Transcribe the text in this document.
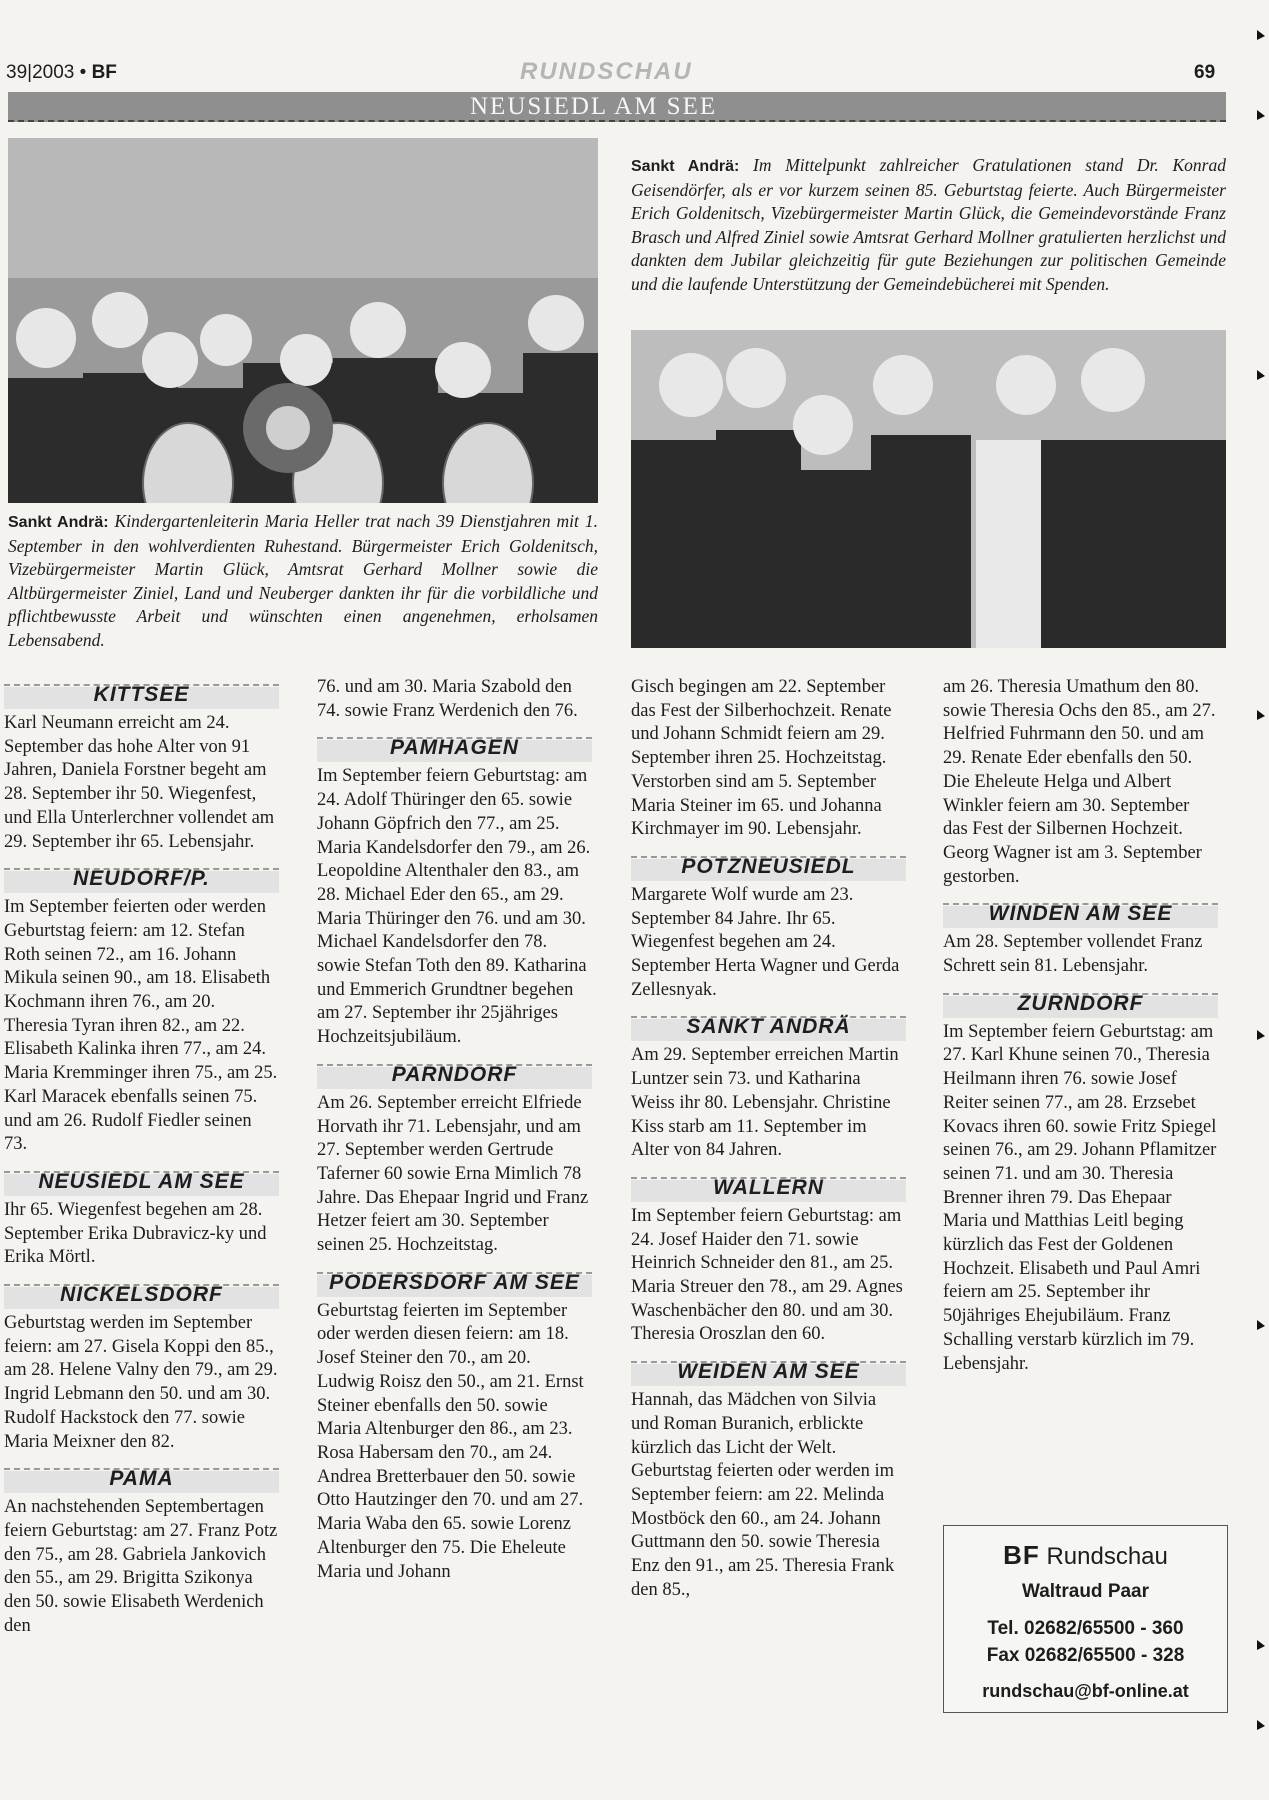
39|2003 • BF	RUNDSCHAU	69
NEUSIEDL AM SEE
Sankt Andrä: Kindergartenleiterin Maria Heller trat nach 39 Dienstjahren mit 1. September in den wohlverdienten Ruhestand. Bürgermeister Erich Goldenitsch, Vizebürgermeister Martin Glück, Amtsrat Gerhard Mollner sowie die Altbürgermeister Ziniel, Land und Neuberger dankten ihr für die vorbildliche und pflichtbewusste Arbeit und wünschten einen angenehmen, erholsamen Lebensabend.
Sankt Andrä: Im Mittelpunkt zahlreicher Gratulationen stand Dr. Konrad Geisendörfer, als er vor kurzem seinen 85. Geburtstag feierte. Auch Bürgermeister Erich Goldenitsch, Vizebürgermeister Martin Glück, die Gemeindevorstände Franz Brasch und Alfred Ziniel sowie Amtsrat Gerhard Mollner gratulierten herzlichst und dankten dem Jubilar gleichzeitig für gute Beziehungen zur politischen Gemeinde und die laufende Unterstützung der Gemeindebücherei mit Spenden.
KITTSEE

Karl Neumann erreicht am 24. September das hohe Alter von 91 Jahren, Daniela Forstner begeht am 28. September ihr 50. Wiegenfest, und Ella Unterlerchner vollendet am 29. September ihr 65. Lebensjahr.

NEUDORF/P.

Im September feierten oder werden Geburtstag feiern: am 12. Stefan Roth seinen 72., am 16. Johann Mikula seinen 90., am 18. Elisabeth Kochmann ihren 76., am 20. Theresia Tyran ihren 82., am 22. Elisabeth Kalinka ihren 77., am 24. Maria Kremminger ihren 75., am 25. Karl Maracek ebenfalls seinen 75. und am 26. Rudolf Fiedler seinen 73.

NEUSIEDL AM SEE

Ihr 65. Wiegenfest begehen am 28. September Erika Dubravicz-ky und Erika Mörtl.

NICKELSDORF

Geburtstag werden im September feiern: am 27. Gisela Koppi den 85., am 28. Helene Valny den 79., am 29. Ingrid Lebmann den 50. und am 30. Rudolf Hackstock den 77. sowie Maria Meixner den 82.

PAMA

An nachstehenden Septembertagen feiern Geburtstag: am 27. Franz Potz den 75., am 28. Gabriela Jankovich den 55., am 29. Brigitta Szikonya den 50. sowie Elisabeth Werdenich den

76. und am 30. Maria Szabold den 74. sowie Franz Werdenich den 76.

PAMHAGEN

Im September feiern Geburtstag: am 24. Adolf Thüringer den 65. sowie Johann Göpfrich den 77., am 25. Maria Kandelsdorfer den 79., am 26. Leopoldine Altenthaler den 83., am 28. Michael Eder den 65., am 29. Maria Thüringer den 76. und am 30. Michael Kandelsdorfer den 78. sowie Stefan Toth den 89. Katharina und Emmerich Grundtner begehen am 27. September ihr 25jähriges Hochzeitsjubiläum.

PARNDORF

Am 26. September erreicht Elfriede Horvath ihr 71. Lebensjahr, und am 27. September werden Gertrude Taferner 60 sowie Erna Mimlich 78 Jahre. Das Ehepaar Ingrid und Franz Hetzer feiert am 30. September seinen 25. Hochzeitstag.

PODERSDORF AM SEE

Geburtstag feierten im September oder werden diesen feiern: am 18. Josef Steiner den 70., am 20. Ludwig Roisz den 50., am 21. Ernst Steiner ebenfalls den 50. sowie Maria Altenburger den 86., am 23. Rosa Habersam den 70., am 24. Andrea Bretterbauer den 50. sowie Otto Hautzinger den 70. und am 27. Maria Waba den 65. sowie Lorenz Altenburger den 75. Die Eheleute Maria und Johann

Gisch begingen am 22. September das Fest der Silberhochzeit. Renate und Johann Schmidt feiern am 29. September ihren 25. Hochzeitstag. Verstorben sind am 5. September Maria Steiner im 65. und Johanna Kirchmayer im 90. Lebensjahr.

POTZNEUSIEDL

Margarete Wolf wurde am 23. September 84 Jahre. Ihr 65. Wiegenfest begehen am 24. September Herta Wagner und Gerda Zellesnyak.

SANKT ANDRÄ

Am 29. September erreichen Martin Luntzer sein 73. und Katharina Weiss ihr 80. Lebensjahr. Christine Kiss starb am 11. September im Alter von 84 Jahren.

WALLERN

Im September feiern Geburtstag: am 24. Josef Haider den 71. sowie Heinrich Schneider den 81., am 25. Maria Streuer den 78., am 29. Agnes Waschenbächer den 80. und am 30. Theresia Oroszlan den 60.

WEIDEN AM SEE

Hannah, das Mädchen von Silvia und Roman Buranich, erblickte kürzlich das Licht der Welt. Geburtstag feierten oder werden im September feiern: am 22. Melinda Mostböck den 60., am 24. Johann Guttmann den 50. sowie Theresia Enz den 91., am 25. Theresia Frank den 85.,

am 26. Theresia Umathum den 80. sowie Theresia Ochs den 85., am 27. Helfried Fuhrmann den 50. und am 29. Renate Eder ebenfalls den 50. Die Eheleute Helga und Albert Winkler feiern am 30. September das Fest der Silbernen Hochzeit. Georg Wagner ist am 3. September gestorben.

WINDEN AM SEE

Am 28. September vollendet Franz Schrett sein 81. Lebensjahr.

ZURNDORF

Im September feiern Geburtstag: am 27. Karl Khune seinen 70., Theresia Heilmann ihren 76. sowie Josef Reiter seinen 77., am 28. Erzsebet Kovacs ihren 60. sowie Fritz Spiegel seinen 76., am 29. Johann Pflamitzer seinen 71. und am 30. Theresia Brenner ihren 79. Das Ehepaar Maria und Matthias Leitl beging kürzlich das Fest der Goldenen Hochzeit. Elisabeth und Paul Amri feiern am 25. September ihr 50jähriges Ehejubiläum. Franz Schalling verstarb kürzlich im 79. Lebensjahr.

BF Rundschau
Waltraud Paar
Tel. 02682/65500 - 360
Fax 02682/65500 - 328
rundschau@bf-online.at
